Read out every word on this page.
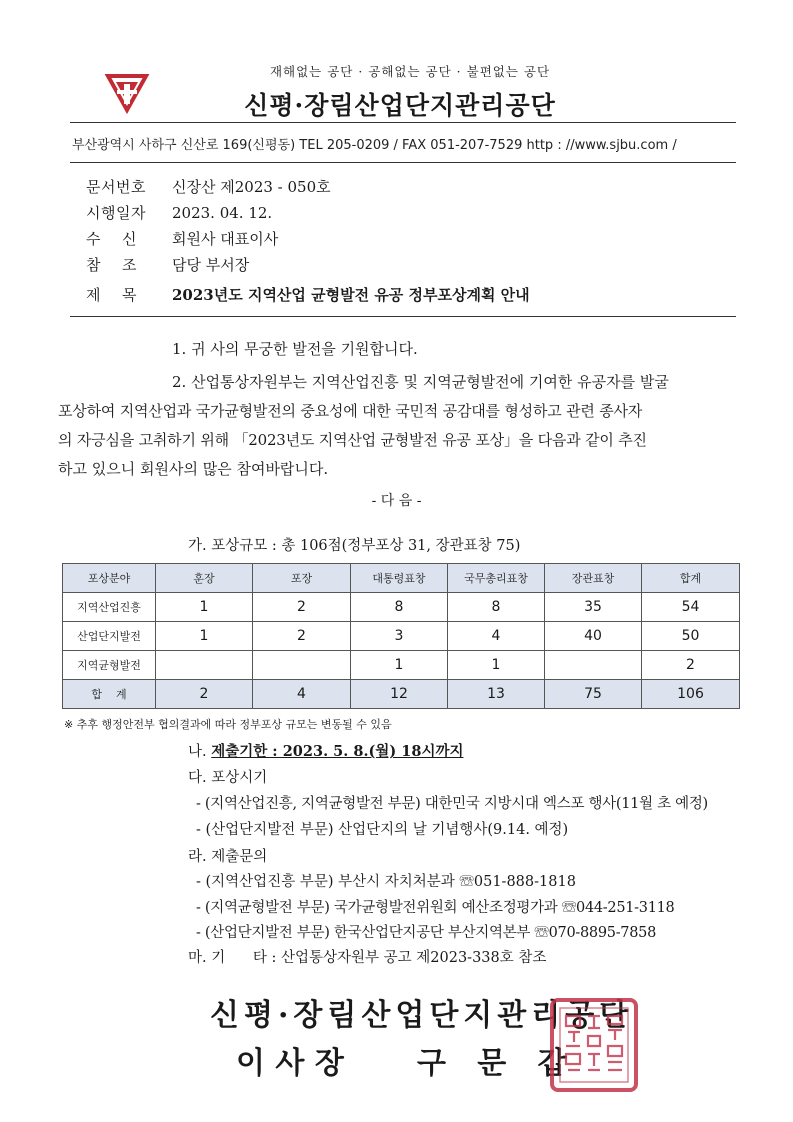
재해없는 공단 · 공해없는 공단 · 불편없는 공단
신평·장림산업단지관리공단
부산광역시 사하구 신산로 169(신평동) TEL 205-0209 / FAX 051-207-7529 http : //www.sjbu.com /
문서번호 신장산 제2023 - 050호
시행일자 2023. 04. 12.
수    신 회원사 대표이사
참    조 담당 부서장
제    목 2023년도 지역산업 균형발전 유공 정부포상계획 안내
1. 귀 사의 무궁한 발전을 기원합니다.
2. 산업통상자원부는 지역산업진흥 및 지역균형발전에 기여한 유공자를 발굴
포상하여 지역산업과 국가균형발전의 중요성에 대한 국민적 공감대를 형성하고 관련 종사자
의 자긍심을 고취하기 위해 「2023년도 지역산업 균형발전 유공 포상」을 다음과 같이 추진
하고 있으니 회원사의 많은 참여바랍니다.
- 다 음 -
가. 포상규모 : 총 106점(정부포상 31, 장관표창 75)
포상분야	훈장	포장	대통령표창	국무총리표창	장관표창	합계
지역산업진흥	1	2	8	8	35	54
산업단지발전	1	2	3	4	40	50
지역균형발전			1	1		2
합    계	2	4	12	13	75	106
※ 추후 행정안전부 협의결과에 따라 정부포상 규모는 변동될 수 있음
나. 제출기한 : 2023. 5. 8.(월) 18시까지
다. 포상시기
- (지역산업진흥, 지역균형발전 부문) 대한민국 지방시대 엑스포 행사(11월 초 예정)
- (산업단지발전 부문) 산업단지의 날 기념행사(9.14. 예정)
라. 제출문의
- (지역산업진흥 부문) 부산시 자치처분과 ☏051-888-1818
- (지역균형발전 부문) 국가균형발전위원회 예산조정평가과 ☏044-251-3118
- (산업단지발전 부문) 한국산업단지공단 부산지역본부 ☏070-8895-7858
마. 기      타 : 산업통상자원부 공고 제2023-338호 참조
신평·장림산업단지관리공단
이 사 장       구   문   갑
